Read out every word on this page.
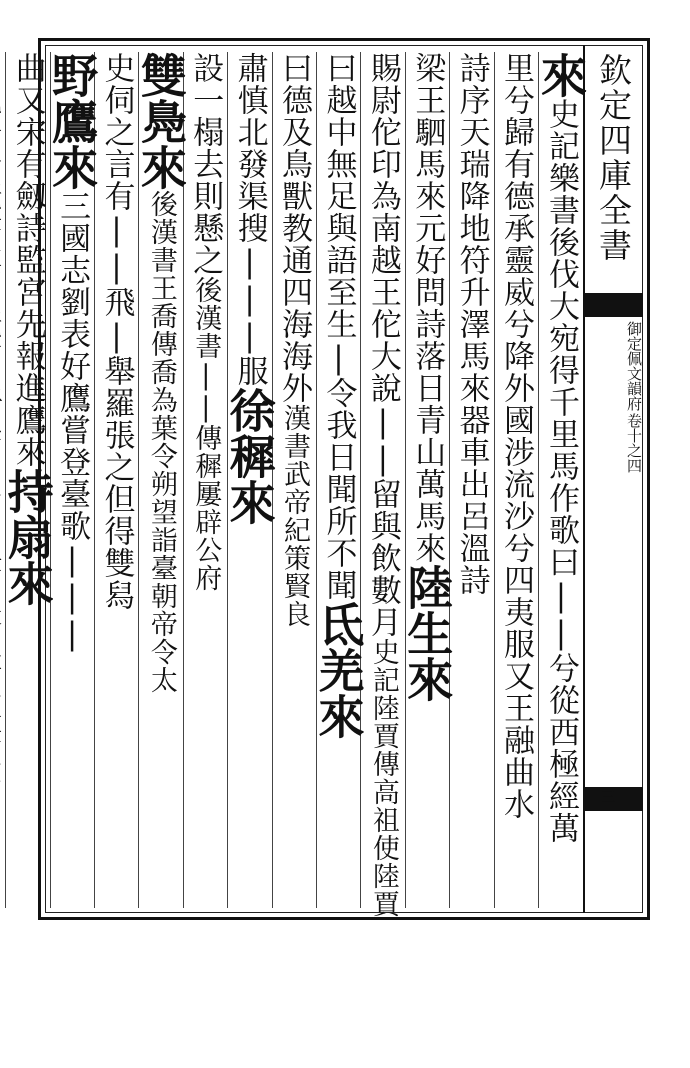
來史記樂書後伐大宛得千里馬作歌曰||兮從西極經萬
里兮歸有德承靈威兮降外國涉流沙兮四夷服又王融曲水
詩序天瑞降地符升澤馬來器車出呂溫詩
梁王駟馬來元好問詩落日青山萬馬來陸生來
賜尉佗印為南越王佗大說||留與飲數月史記陸賈傳高祖使陸賈
曰越中無足與語至生|令我日聞所不聞氐羌來
曰德及鳥獸教通四海海外漢書武帝紀策賢良
肅慎北發渠搜|||服徐穉來
設一榻去則懸之後漢書||傳穉屢辟公府
雙鳧來後漢書王喬傳喬為葉令朔望詣臺朝帝令太
史伺之言有||飛|舉羅張之但得雙舄
野鷹來三國志劉表好鷹嘗登臺歌|||
曲又宋有劔詩監宮先報進鷹來持扇來
欽定四庫全書
御定佩文韻府
卷十之四
三
